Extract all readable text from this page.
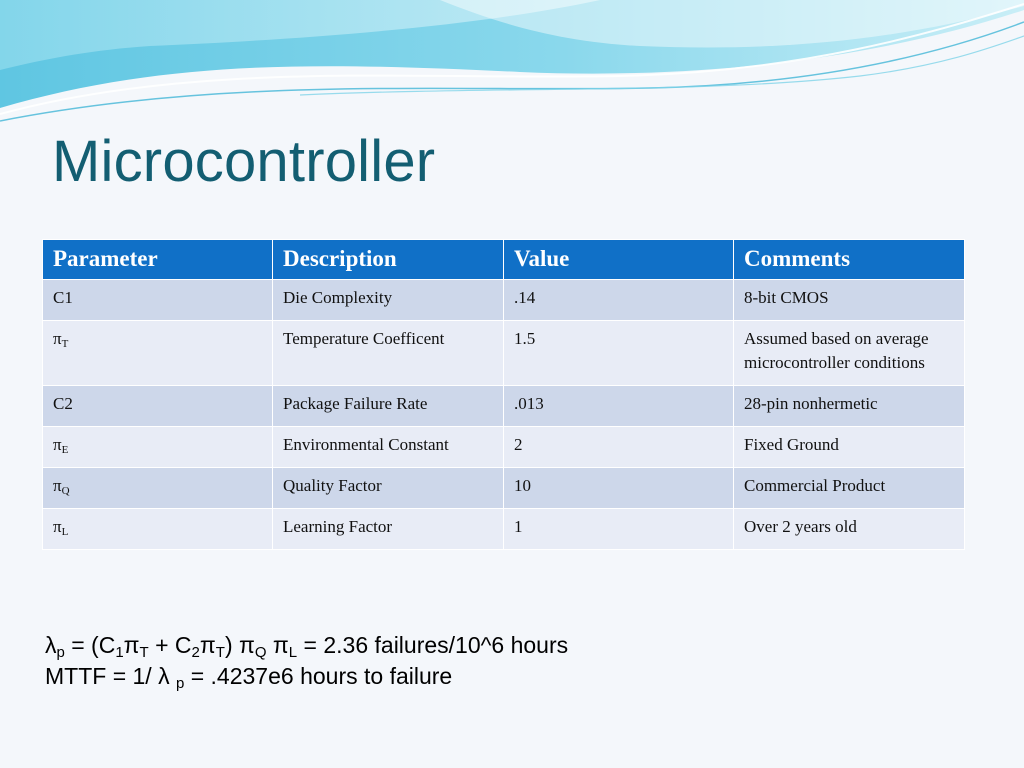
Microcontroller
Parameter	Description	Value	Comments
C1	Die Complexity	.14	8-bit CMOS
$\pi_T$	Temperature Coefficent	1.5	Assumed based on average microcontroller conditions
C2	Package Failure Rate	.013	28-pin nonhermetic
$\pi_E$	Environmental Constant	2	Fixed Ground
$\pi_Q$	Quality Factor	10	Commercial Product
$\pi_L$	Learning Factor	1	Over 2 years old
$\lambda_p = (C_1\pi_T + C_2\pi_T)$ $\pi_Q$ $\pi_L = 2.36$ failures/10^6 hours
MTTF = 1/ λ $_p$ = .4237e6 hours to failure
